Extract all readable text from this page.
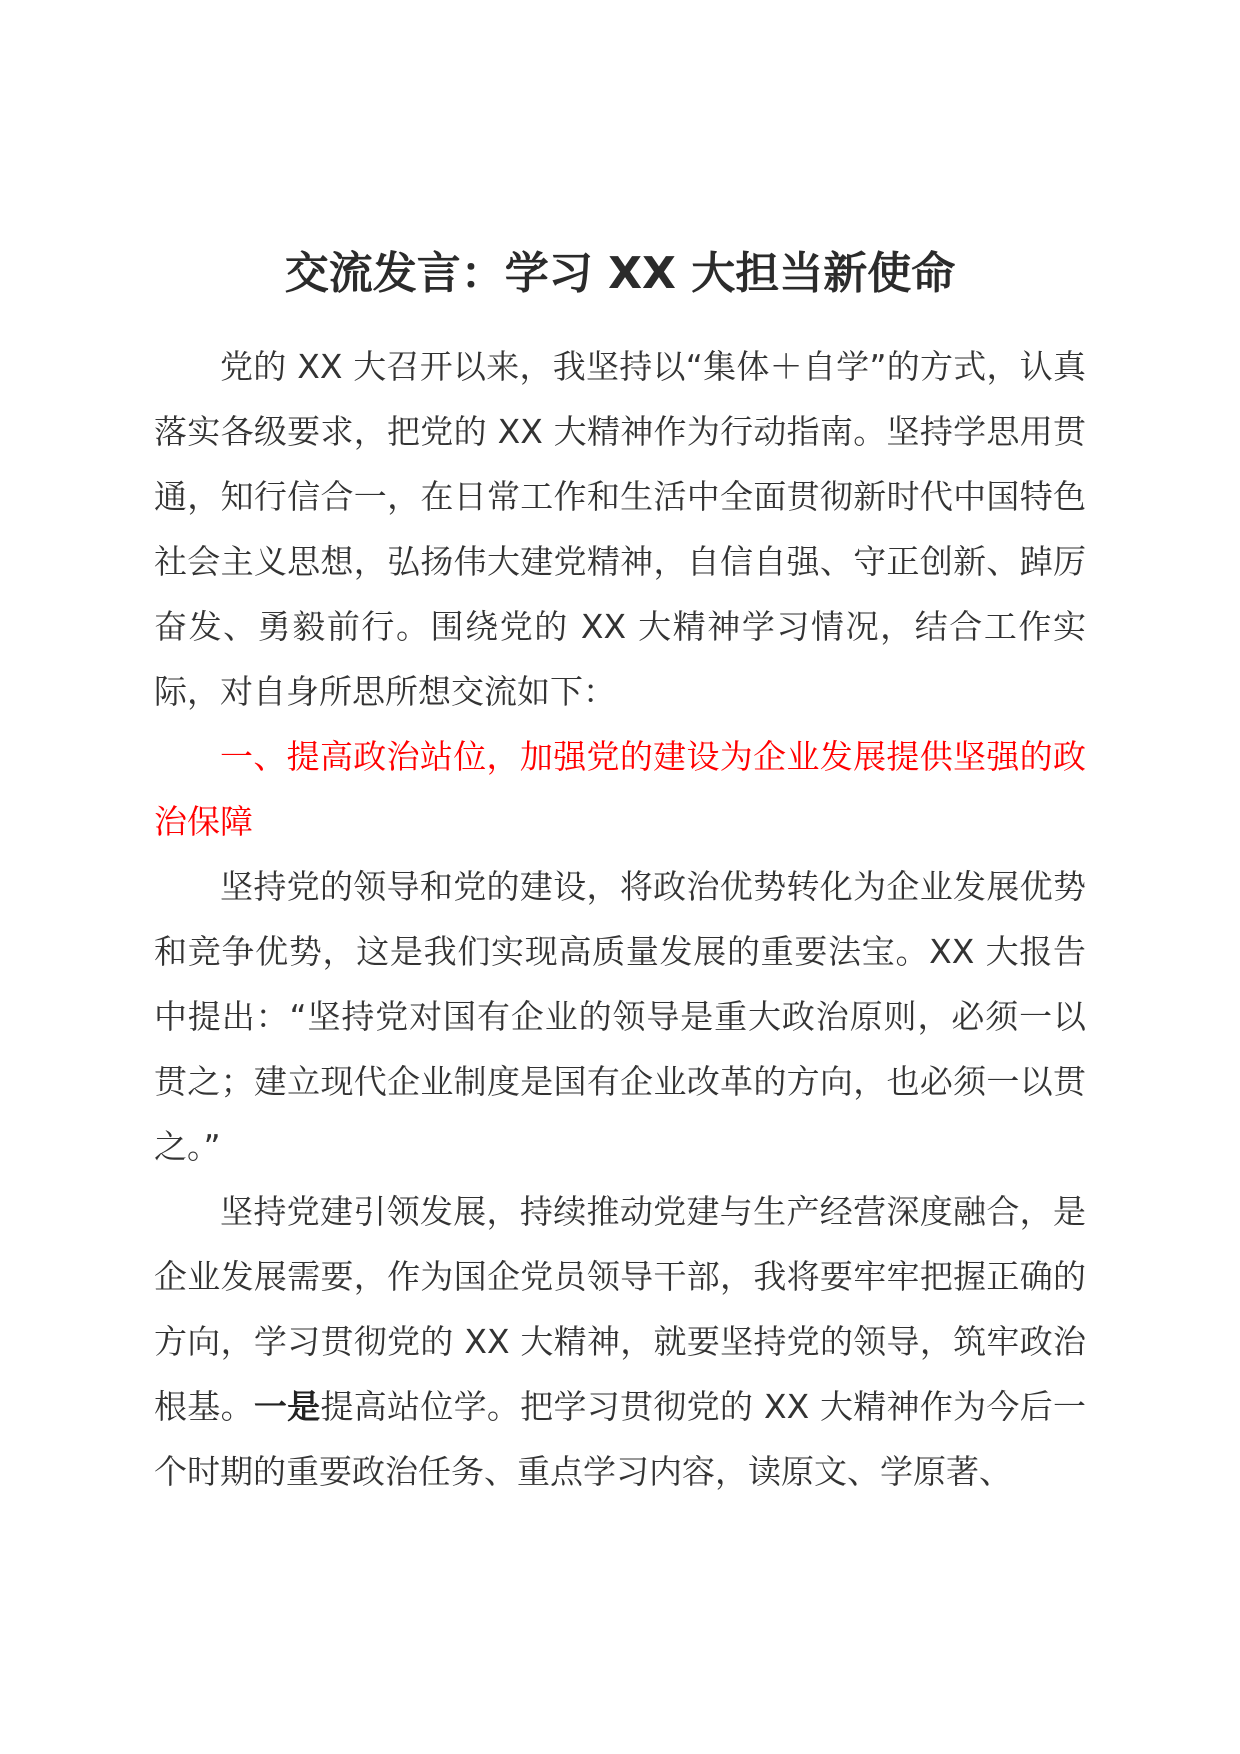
交流发言：学习 XX 大担当新使命

党的 XX 大召开以来，我坚持以“集体＋自学”的方式，认真落实各级要求，把党的 XX 大精神作为行动指南。坚持学思用贯通，知行信合一，在日常工作和生活中全面贯彻新时代中国特色社会主义思想，弘扬伟大建党精神，自信自强、守正创新、踔厉奋发、勇毅前行。围绕党的 XX 大精神学习情况，结合工作实际，对自身所思所想交流如下：

一、提高政治站位，加强党的建设为企业发展提供坚强的政治保障

坚持党的领导和党的建设，将政治优势转化为企业发展优势和竞争优势，这是我们实现高质量发展的重要法宝。XX 大报告中提出：“坚持党对国有企业的领导是重大政治原则，必须一以贯之；建立现代企业制度是国有企业改革的方向，也必须一以贯之。”

坚持党建引领发展，持续推动党建与生产经营深度融合，是企业发展需要，作为国企党员领导干部，我将要牢牢把握正确的方向，学习贯彻党的 XX 大精神，就要坚持党的领导，筑牢政治根基。一是提高站位学。把学习贯彻党的 XX 大精神作为今后一个时期的重要政治任务、重点学习内容，读原文、学原著、
